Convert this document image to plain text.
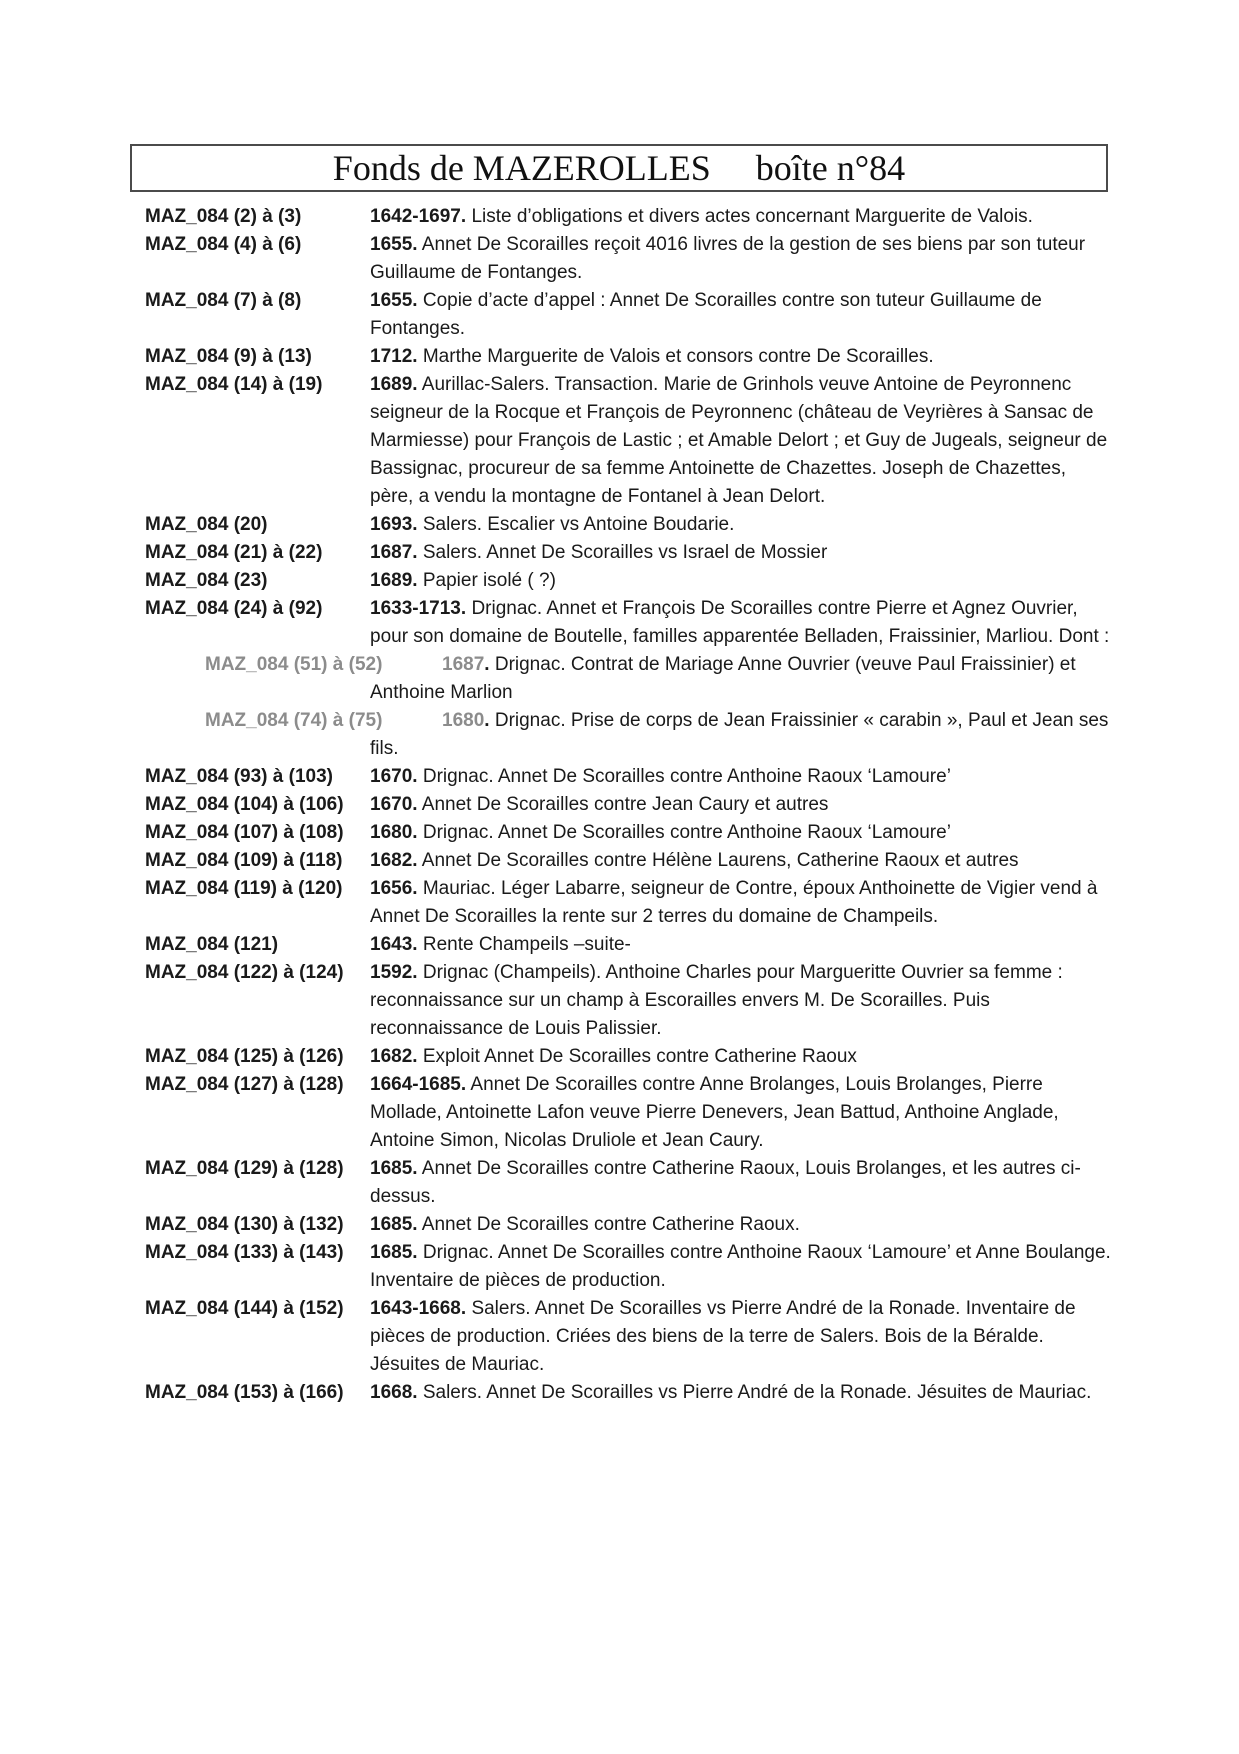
Fonds de MAZEROLLES boîte n°84
MAZ_084 (2) à (3)	1642-1697. Liste d’obligations et divers actes concernant Marguerite de Valois.
MAZ_084 (4) à (6)	1655. Annet De Scorailles reçoit 4016 livres de la gestion de ses biens par son tuteur Guillaume de Fontanges.
MAZ_084 (7) à (8)	1655. Copie d’acte d’appel : Annet De Scorailles contre son tuteur Guillaume de Fontanges.
MAZ_084 (9) à (13)	1712. Marthe Marguerite de Valois et consors contre De Scorailles.
MAZ_084 (14) à (19)	1689. Aurillac-Salers. Transaction. Marie de Grinhols veuve Antoine de Peyronnenc seigneur de la Rocque et François de Peyronnenc (château de Veyrières à Sansac de Marmiesse) pour François de Lastic ; et Amable Delort ; et Guy de Jugeals, seigneur de Bassignac, procureur de sa femme Antoinette de Chazettes. Joseph de Chazettes, père, a vendu la montagne de Fontanel à Jean Delort.
MAZ_084 (20)	1693. Salers. Escalier vs Antoine Boudarie.
MAZ_084 (21) à (22)	1687. Salers. Annet De Scorailles vs Israel de Mossier
MAZ_084 (23)	1689. Papier isolé ( ?)
MAZ_084 (24) à (92)	1633-1713. Drignac. Annet et François De Scorailles contre Pierre et Agnez Ouvrier, pour son domaine de Boutelle, familles apparentée Belladen, Fraissinier, Marliou. Dont :
MAZ_084 (51) à (52)	1687. Drignac. Contrat de Mariage Anne Ouvrier (veuve Paul Fraissinier) et Anthoine Marlion
MAZ_084 (74) à (75)	1680. Drignac. Prise de corps de Jean Fraissinier « carabin », Paul et Jean ses fils.
MAZ_084 (93) à (103)	1670. Drignac. Annet De Scorailles contre Anthoine Raoux ‘Lamoure’
MAZ_084 (104) à (106)	1670. Annet De Scorailles contre Jean Caury et autres
MAZ_084 (107) à (108)	1680. Drignac. Annet De Scorailles contre Anthoine Raoux ‘Lamoure’
MAZ_084 (109) à (118)	1682. Annet De Scorailles contre Hélène Laurens, Catherine Raoux et autres
MAZ_084 (119) à (120)	1656. Mauriac. Léger Labarre, seigneur de Contre, époux Anthoinette de Vigier vend à Annet De Scorailles la rente sur 2 terres du domaine de Champeils.
MAZ_084 (121)	1643. Rente Champeils –suite-
MAZ_084 (122) à (124)	1592. Drignac (Champeils). Anthoine Charles pour Margueritte Ouvrier sa femme : reconnaissance sur un champ à Escorailles envers M. De Scorailles. Puis reconnaissance de Louis Palissier.
MAZ_084 (125) à (126)	1682. Exploit Annet De Scorailles contre Catherine Raoux
MAZ_084 (127) à (128)	1664-1685. Annet De Scorailles contre Anne Brolanges, Louis Brolanges, Pierre Mollade, Antoinette Lafon veuve Pierre Denevers, Jean Battud, Anthoine Anglade, Antoine Simon, Nicolas Druliole et Jean Caury.
MAZ_084 (129) à (128)	1685. Annet De Scorailles contre Catherine Raoux, Louis Brolanges, et les autres ci-dessus.
MAZ_084 (130) à (132)	1685. Annet De Scorailles contre Catherine Raoux.
MAZ_084 (133) à (143)	1685. Drignac. Annet De Scorailles contre Anthoine Raoux ‘Lamoure’ et Anne Boulange. Inventaire de pièces de production.
MAZ_084 (144) à (152)	1643-1668. Salers. Annet De Scorailles vs Pierre André de la Ronade. Inventaire de pièces de production. Criées des biens de la terre de Salers. Bois de la Béralde. Jésuites de Mauriac.
MAZ_084 (153) à (166)	1668. Salers. Annet De Scorailles vs Pierre André de la Ronade. Jésuites de Mauriac.
